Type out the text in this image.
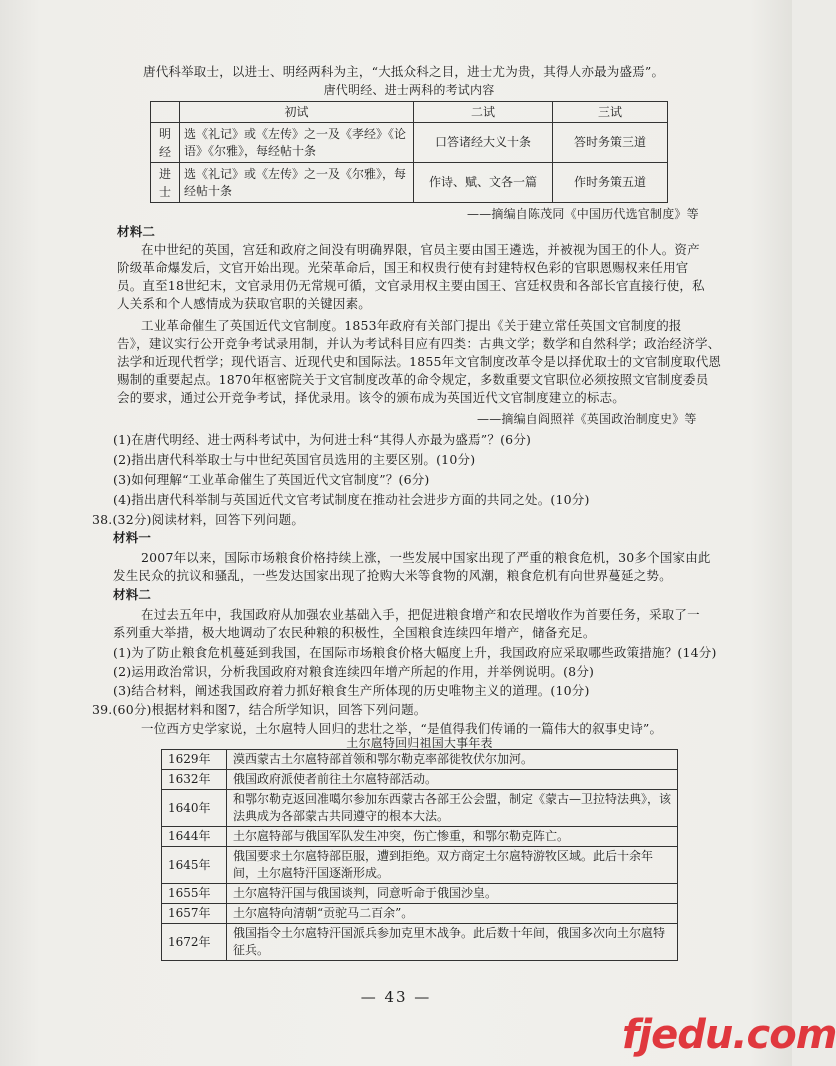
唐代科举取士，以进士、明经两科为主，“大抵众科之目，进士尤为贵，其得人亦最为盛焉”。
唐代明经、进士两科的考试内容
	初试	二试	三试
明经	选《礼记》或《左传》之一及《孝经》《论语》《尔雅》，每经帖十条	口答诸经大义十条	答时务策三道
进士	选《礼记》或《左传》之一及《尔雅》，每经帖十条	作诗、赋、文各一篇	作时务策五道
——摘编自陈茂同《中国历代选官制度》等
材料二
在中世纪的英国，宫廷和政府之间没有明确界限，官员主要由国王遴选，并被视为国王的仆人。资产
阶级革命爆发后，文官开始出现。光荣革命后，国王和权贵行使有封建特权色彩的官职恩赐权来任用官
员。直至18世纪末，文官录用仍无常规可循，文官录用权主要由国王、宫廷权贵和各部长官直接行使，私
人关系和个人感情成为获取官职的关键因素。
工业革命催生了英国近代文官制度。1853年政府有关部门提出《关于建立常任英国文官制度的报
告》，建议实行公开竞争考试录用制，并认为考试科目应有四类：古典文学；数学和自然科学；政治经济学、
法学和近现代哲学；现代语言、近现代史和国际法。1855年文官制度改革令是以择优取士的文官制度取代恩
赐制的重要起点。1870年枢密院关于文官制度改革的命令规定，多数重要文官职位必须按照文官制度委员
会的要求，通过公开竞争考试，择优录用。该令的颁布成为英国近代文官制度建立的标志。
——摘编自阎照祥《英国政治制度史》等
(1)在唐代明经、进士两科考试中，为何进士科“其得人亦最为盛焉”？(6分)
(2)指出唐代科举取士与中世纪英国官员选用的主要区别。(10分)
(3)如何理解“工业革命催生了英国近代文官制度”？(6分)
(4)指出唐代科举制与英国近代文官考试制度在推动社会进步方面的共同之处。(10分)
38.(32分)阅读材料，回答下列问题。
材料一
2007年以来，国际市场粮食价格持续上涨，一些发展中国家出现了严重的粮食危机，30多个国家由此
发生民众的抗议和骚乱，一些发达国家出现了抢购大米等食物的风潮，粮食危机有向世界蔓延之势。
材料二
在过去五年中，我国政府从加强农业基础入手，把促进粮食增产和农民增收作为首要任务，采取了一
系列重大举措，极大地调动了农民种粮的积极性，全国粮食连续四年增产，储备充足。
(1)为了防止粮食危机蔓延到我国，在国际市场粮食价格大幅度上升，我国政府应采取哪些政策措施？(14分)
(2)运用政治常识，分析我国政府对粮食连续四年增产所起的作用，并举例说明。(8分)
(3)结合材料，阐述我国政府着力抓好粮食生产所体现的历史唯物主义的道理。(10分)
39.(60分)根据材料和图7，结合所学知识，回答下列问题。
一位西方史学家说，土尔扈特人回归的悲壮之举，“是值得我们传诵的一篇伟大的叙事史诗”。
土尔扈特回归祖国大事年表
1629年	漠西蒙古土尔扈特部首领和鄂尔勒克率部徙牧伏尔加河。
1632年	俄国政府派使者前往土尔扈特部活动。
1640年	和鄂尔勒克返回准噶尔参加东西蒙古各部王公会盟，制定《蒙古—卫拉特法典》，该法典成为各部蒙古共同遵守的根本大法。
1644年	土尔扈特部与俄国军队发生冲突，伤亡惨重，和鄂尔勒克阵亡。
1645年	俄国要求土尔扈特部臣服，遭到拒绝。双方商定土尔扈特游牧区域。此后十余年间，土尔扈特汗国逐渐形成。
1655年	土尔扈特汗国与俄国谈判，同意听命于俄国沙皇。
1657年	土尔扈特向清朝“贡驼马二百余”。
1672年	俄国指令土尔扈特汗国派兵参加克里木战争。此后数十年间，俄国多次向土尔扈特征兵。
— 43 —
fjedu.com
